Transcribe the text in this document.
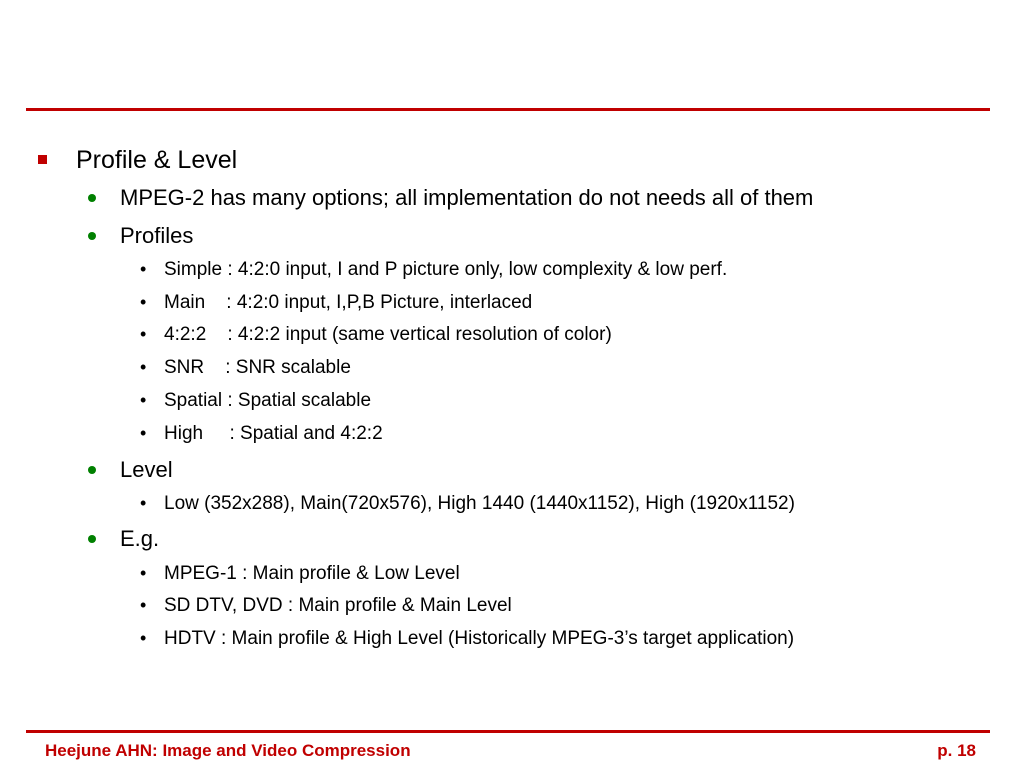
Profile & Level
MPEG-2 has many options; all implementation do not needs all of them
Profiles
• Simple : 4:2:0 input, I and P picture only, low complexity & low perf.
• Main    : 4:2:0 input, I,P,B Picture, interlaced
• 4:2:2    : 4:2:2 input (same vertical resolution of color)
• SNR    : SNR scalable
• Spatial : Spatial scalable
• High     : Spatial and 4:2:2
Level
• Low (352x288), Main(720x576), High 1440 (1440x1152), High (1920x1152)
E.g.
• MPEG-1 : Main profile & Low Level
• SD DTV, DVD : Main profile & Main Level
• HDTV : Main profile & High Level (Historically MPEG-3’s target application)
Heejune AHN: Image and Video Compression	p. 18
